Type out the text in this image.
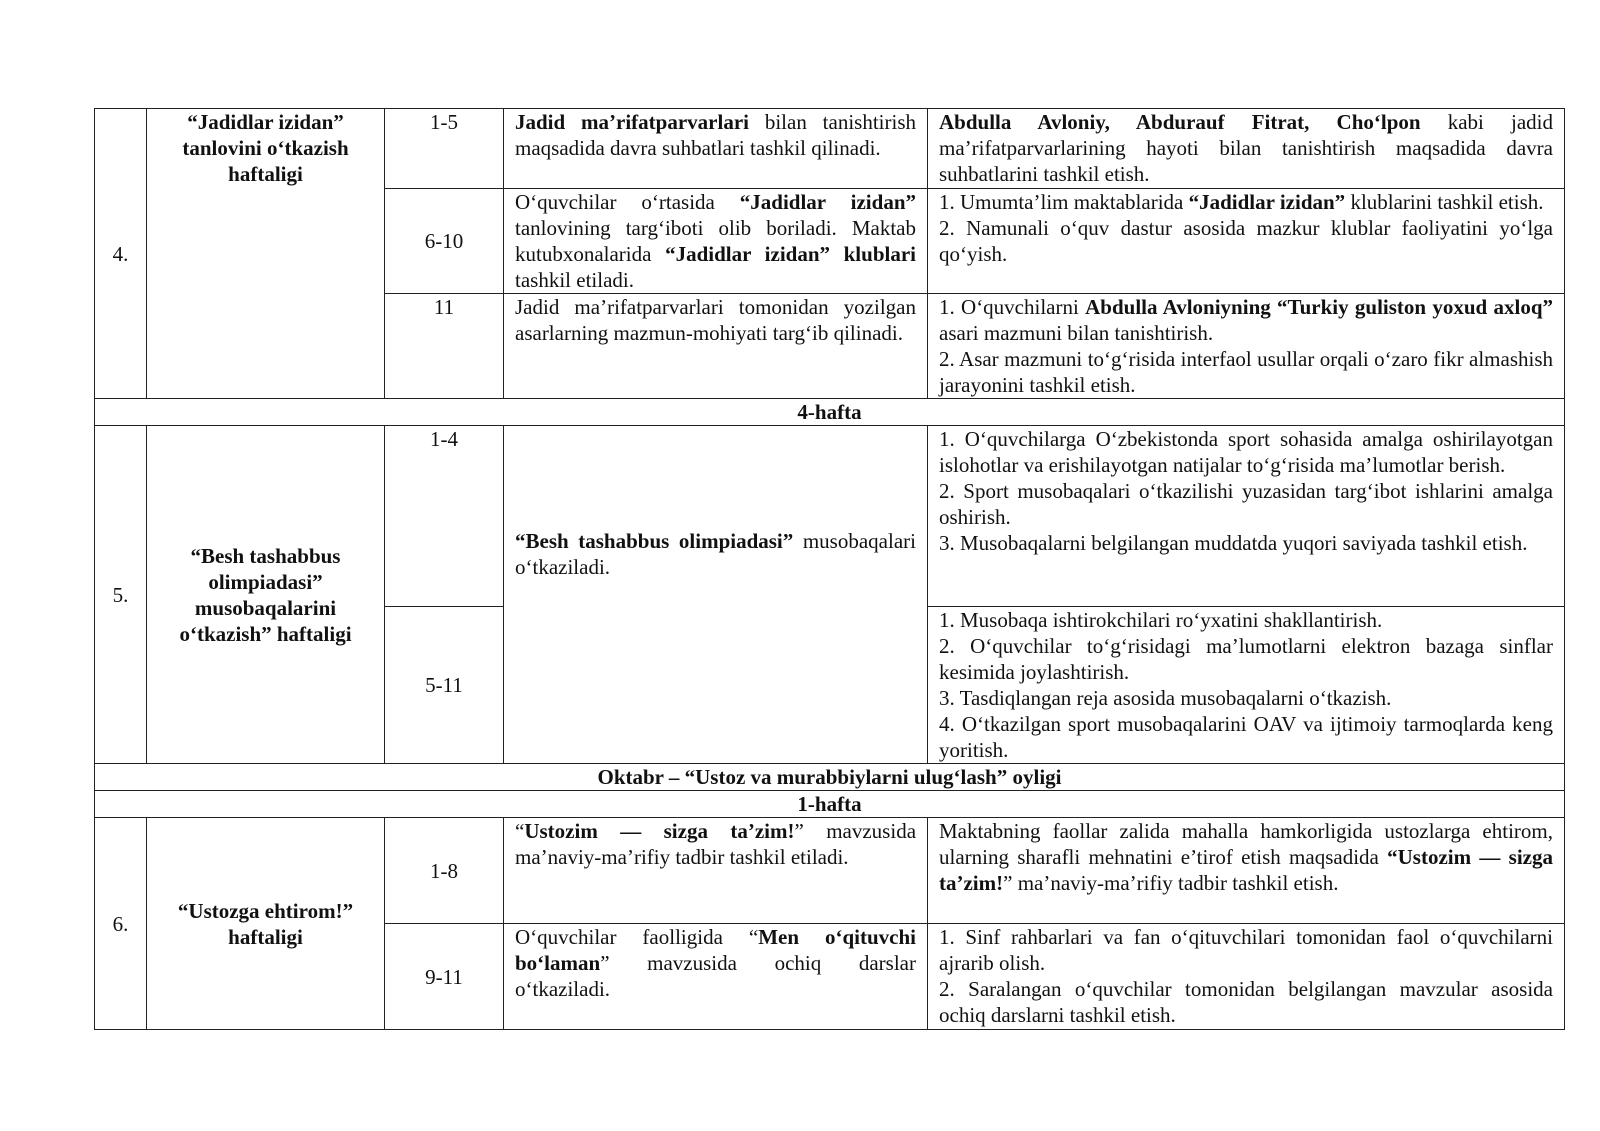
4.	“Jadidlar izidan” tanlovini o‘tkazish haftaligi	1-5	Jadid ma’rifatparvarlari bilan tanishtirish maqsadida davra suhbatlari tashkil qilinadi.	Abdulla Avloniy, Abdurauf Fitrat, Cho‘lpon kabi jadid ma’rifatparvarlarining hayoti bilan tanishtirish maqsadida davra suhbatlarini tashkil etish.
		6-10	O‘quvchilar o‘rtasida “Jadidlar izidan” tanlovining targ‘iboti olib boriladi. Maktab kutubxonalarida “Jadidlar izidan” klublari tashkil etiladi.	1. Umumta’lim maktablarida “Jadidlar izidan” klublarini tashkil etish.
2. Namunali o‘quv dastur asosida mazkur klublar faoliyatini yo‘lga qo‘yish.

		11	Jadid ma’rifatparvarlari tomonidan yozilgan asarlarning mazmun-mohiyati targ‘ib qilinadi.	1. O‘quvchilarni Abdulla Avloniyning “Turkiy guliston yoxud axloq” asari mazmuni bilan tanishtirish.
2. Asar mazmuni to‘g‘risida interfaol usullar orqali o‘zaro fikr almashish jarayonini tashkil etish.

4-hafta				
5.	“Besh tashabbus olimpiadasi” musobaqalarini o‘tkazish” haftaligi	1-4	“Besh tashabbus olimpiadasi” musobaqalari o‘tkaziladi.	1. O‘quvchilarga O‘zbekistonda sport sohasida amalga oshirilayotgan islohotlar va erishilayotgan natijalar to‘g‘risida ma’lumotlar berish.
2. Sport musobaqalari o‘tkazilishi yuzasidan targ‘ibot ishlarini amalga oshirish.
3. Musobaqalarni belgilangan muddatda yuqori saviyada tashkil etish.

		5-11		1. Musobaqa ishtirokchilari ro‘yxatini shakllantirish.
2. O‘quvchilar to‘g‘risidagi ma’lumotlarni elektron bazaga sinflar kesimida joylashtirish.
3. Tasdiqlangan reja asosida musobaqalarni o‘tkazish.
4. O‘tkazilgan sport musobaqalarini OAV va ijtimoiy tarmoqlarda keng yoritish.

Oktabr – “Ustoz va murabbiylarni ulug‘lash” oyligi				
1-hafta				
6.	“Ustozga ehtirom!” haftaligi	1-8	“Ustozim — sizga ta’zim!” mavzusida ma’naviy-ma’rifiy tadbir tashkil etiladi.	Maktabning faollar zalida mahalla hamkorligida ustozlarga ehtirom, ularning sharafli mehnatini e’tirof etish maqsadida “Ustozim — sizga ta’zim!” ma’naviy-ma’rifiy tadbir tashkil etish.
		9-11	O‘quvchilar faolligida “Men o‘qituvchi bo‘laman” mavzusida ochiq darslar o‘tkaziladi.	1. Sinf rahbarlari va fan o‘qituvchilari tomonidan faol o‘quvchilarni ajrarib olish.
2. Saralangan o‘quvchilar tomonidan belgilangan mavzular asosida ochiq darslarni tashkil etish.
